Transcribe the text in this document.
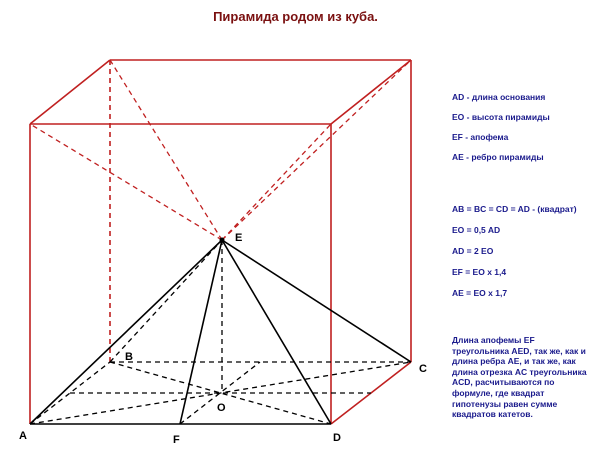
Пирамида родом из куба.
A
B
C
D
E
F
O
AD - длина основания
EO - высота пирамиды
EF - апофема
AE - ребро пирамиды
AB = BC = CD = AD - (квадрат)
EO = 0,5 AD
AD = 2 EO
EF = EO х 1,4
AE = EO х 1,7
Длина апофемы EF треугольника AED, так же, как и длина ребра AE, и так же, как длина отрезка AC треугольника ACD, расчитываются по формуле, где квадрат гипотенузы равен сумме квадратов катетов.
